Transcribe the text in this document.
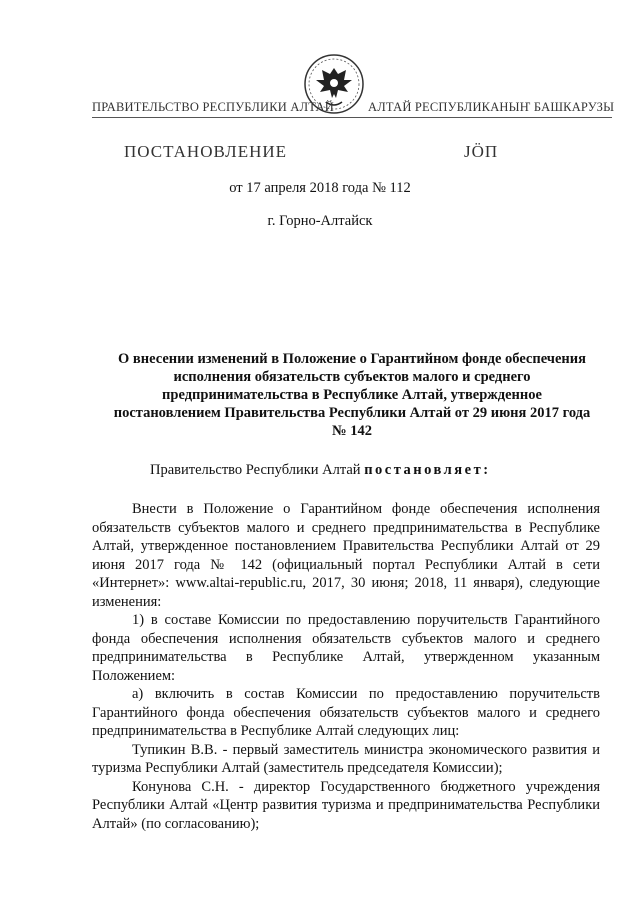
ПРАВИТЕЛЬСТВО РЕСПУБЛИКИ АЛТАЙ	АЛТАЙ РЕСПУБЛИКАНЫҤ БАШКАРУЗЫ
ПОСТАНОВЛЕНИЕ	JӦП
от 17 апреля 2018 года № 112
г. Горно-Алтайск
О внесении изменений в Положение о Гарантийном фонде обеспечения
исполнения обязательств субъектов малого и среднего
предпринимательства в Республике Алтай, утвержденное
постановлением Правительства Республики Алтай от 29 июня 2017 года
№ 142
Правительство Республики Алтай постановляет:

Внести в Положение о Гарантийном фонде обеспечения исполнения обязательств субъектов малого и среднего предпринимательства в Республике Алтай, утвержденное постановлением Правительства Республики Алтай от 29 июня 2017 года № 142 (официальный портал Республики Алтай в сети «Интернет»: www.altai-republic.ru, 2017, 30 июня; 2018, 11 января), следующие изменения:

1) в составе Комиссии по предоставлению поручительств Гарантийного фонда обеспечения исполнения обязательств субъектов малого и среднего предпринимательства в Республике Алтай, утвержденном указанным Положением:

а) включить в состав Комиссии по предоставлению поручительств Гарантийного фонда обеспечения обязательств субъектов малого и среднего предпринимательства в Республике Алтай следующих лиц:

Тупикин В.В. - первый заместитель министра экономического развития и туризма Республики Алтай (заместитель председателя Комиссии);

Конунова С.Н. - директор Государственного бюджетного учреждения Республики Алтай «Центр развития туризма и предпринимательства Республики Алтай» (по согласованию);
